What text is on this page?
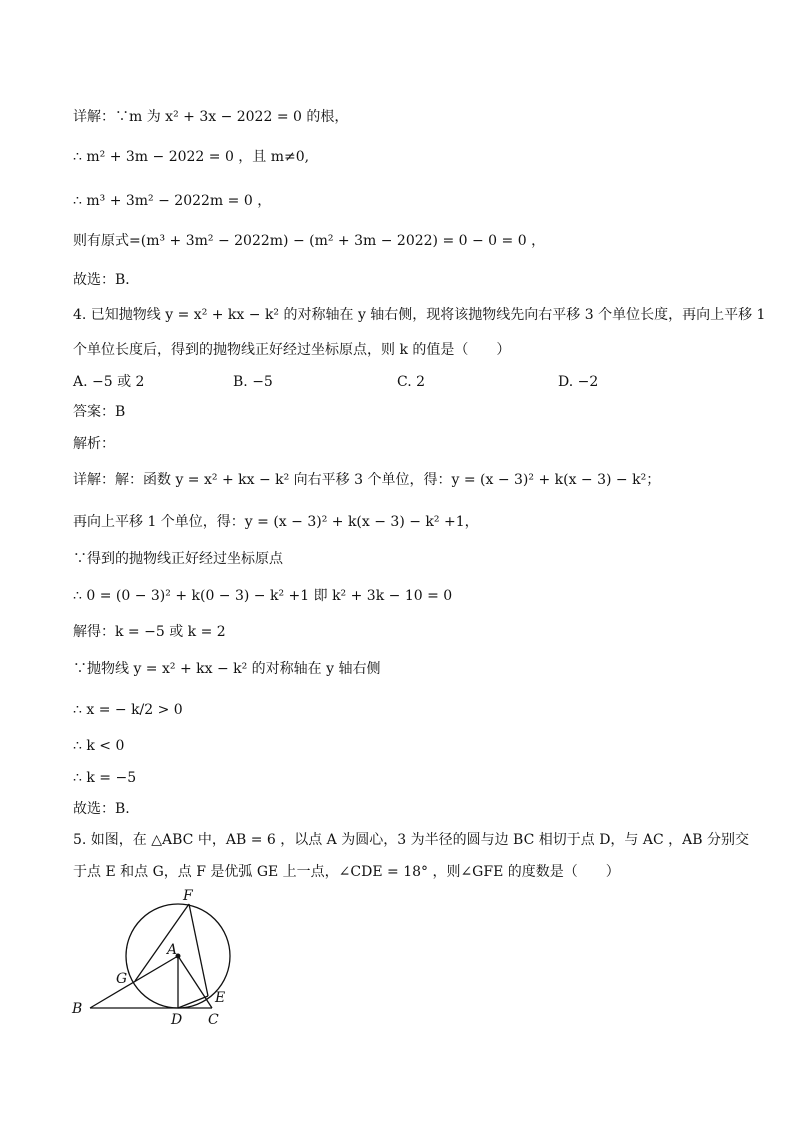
详解：∵m 为 x² + 3x − 2022 = 0 的根，
∴ m² + 3m − 2022 = 0 ，且 m≠0,
∴ m³ + 3m² − 2022m = 0 ，
则有原式=(m³ + 3m² − 2022m) − (m² + 3m − 2022) = 0 − 0 = 0 ，
故选：B．
4. 已知抛物线 y = x² + kx − k² 的对称轴在 y 轴右侧，现将该抛物线先向右平移 3 个单位长度，再向上平移 1
个单位长度后，得到的抛物线正好经过坐标原点，则 k 的值是（　　）
A. −5 或 2	B. −5	C. 2	D. −2
答案：B
解析：
详解：解：函数 y = x² + kx − k² 向右平移 3 个单位，得：y = (x − 3)² + k(x − 3) − k²；
再向上平移 1 个单位，得：y = (x − 3)² + k(x − 3) − k² +1，
∵得到的抛物线正好经过坐标原点
∴ 0 = (0 − 3)² + k(0 − 3) − k² +1 即 k² + 3k − 10 = 0
解得：k = −5 或 k = 2
∵抛物线 y = x² + kx − k² 的对称轴在 y 轴右侧
∴ x = − k/2 > 0
∴ k < 0
∴ k = −5
故选：B.
5. 如图，在 △ABC 中，AB = 6 ，以点 A 为圆心，3 为半径的圆与边 BC 相切于点 D，与 AC ，AB 分别交
于点 E 和点 G，点 F 是优弧 GE 上一点，∠CDE = 18° ，则∠GFE 的度数是（　　）
A
B
C
D
E
F
G
